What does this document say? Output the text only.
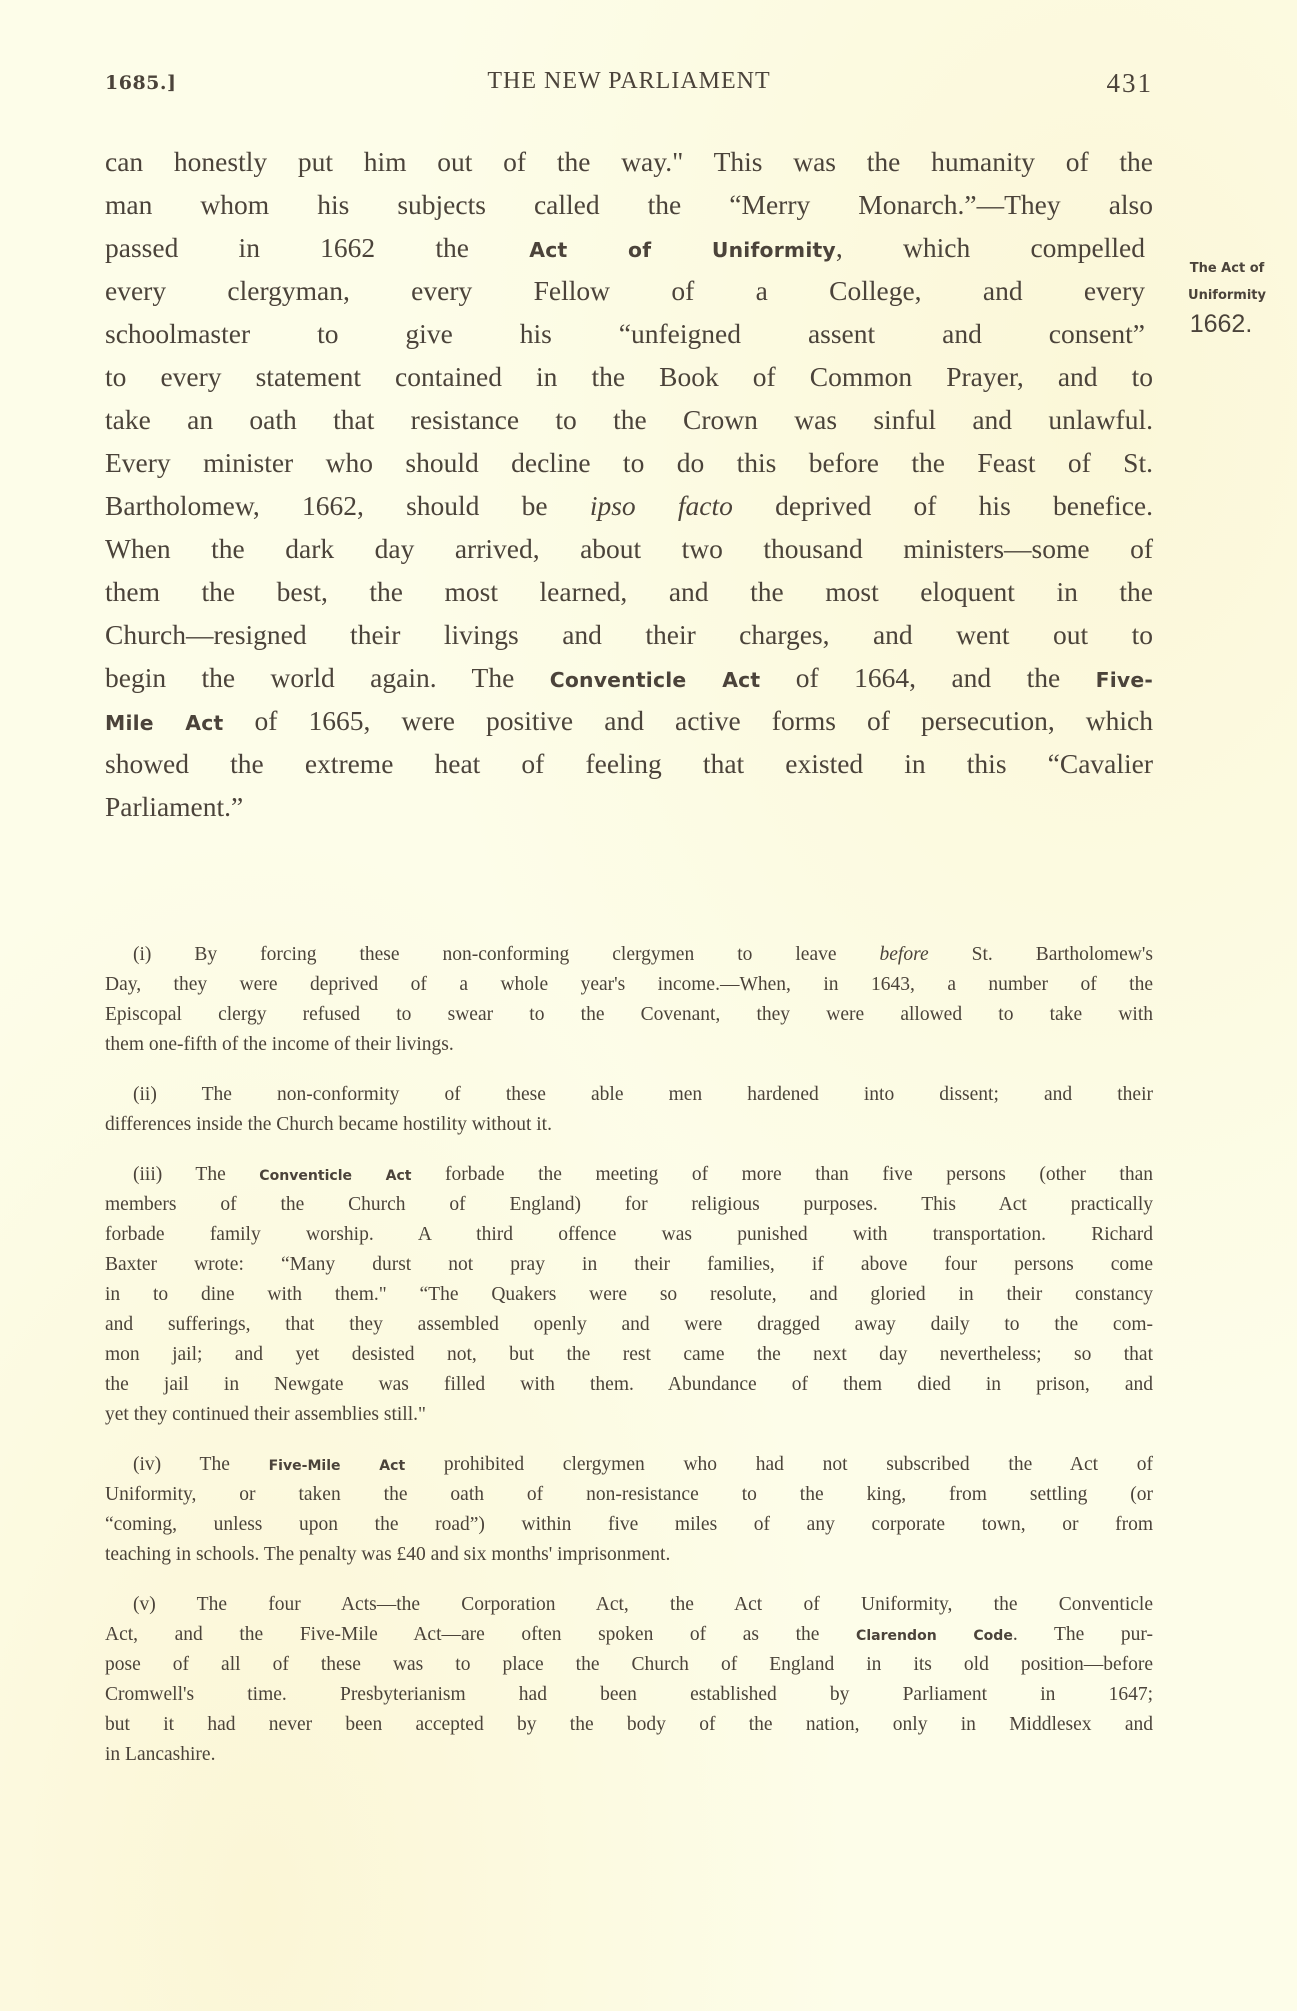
1685.]	THE NEW PARLIAMENT	431
can honestly put him out of the way." This was the humanity of the
man whom his subjects called the “Merry Monarch.”—They also
passed in 1662 the Act of Uniformity, which compelled
every clergyman, every Fellow of a College, and every
schoolmaster to give his “unfeigned assent and consent”
to every statement contained in the Book of Common Prayer, and to
take an oath that resistance to the Crown was sinful and unlawful.
Every minister who should decline to do this before the Feast of St.
Bartholomew, 1662, should be ipso facto deprived of his benefice.
When the dark day arrived, about two thousand ministers—some of
them the best, the most learned, and the most eloquent in the
Church—resigned their livings and their charges, and went out to
begin the world again. The Conventicle Act of 1664, and the Five-
Mile Act of 1665, were positive and active forms of persecution, which
showed the extreme heat of feeling that existed in this “Cavalier
Parliament.”
The Act of
Uniformity
1662.
(i) By forcing these non-conforming clergymen to leave before St. Bartholomew's
Day, they were deprived of a whole year's income.—When, in 1643, a number of the
Episcopal clergy refused to swear to the Covenant, they were allowed to take with
them one-fifth of the income of their livings.
(ii) The non-conformity of these able men hardened into dissent; and their
differences inside the Church became hostility without it.
(iii) The Conventicle Act forbade the meeting of more than five persons (other than
members of the Church of England) for religious purposes. This Act practically
forbade family worship. A third offence was punished with transportation. Richard
Baxter wrote: “Many durst not pray in their families, if above four persons come
in to dine with them." “The Quakers were so resolute, and gloried in their constancy
and sufferings, that they assembled openly and were dragged away daily to the com-
mon jail; and yet desisted not, but the rest came the next day nevertheless; so that
the jail in Newgate was filled with them. Abundance of them died in prison, and
yet they continued their assemblies still."
(iv) The Five-Mile Act prohibited clergymen who had not subscribed the Act of
Uniformity, or taken the oath of non-resistance to the king, from settling (or
“coming, unless upon the road”) within five miles of any corporate town, or from
teaching in schools. The penalty was £40 and six months' imprisonment.
(v) The four Acts—the Corporation Act, the Act of Uniformity, the Conventicle
Act, and the Five-Mile Act—are often spoken of as the Clarendon Code. The pur-
pose of all of these was to place the Church of England in its old position—before
Cromwell's time. Presbyterianism had been established by Parliament in 1647;
but it had never been accepted by the body of the nation, only in Middlesex and
in Lancashire.
